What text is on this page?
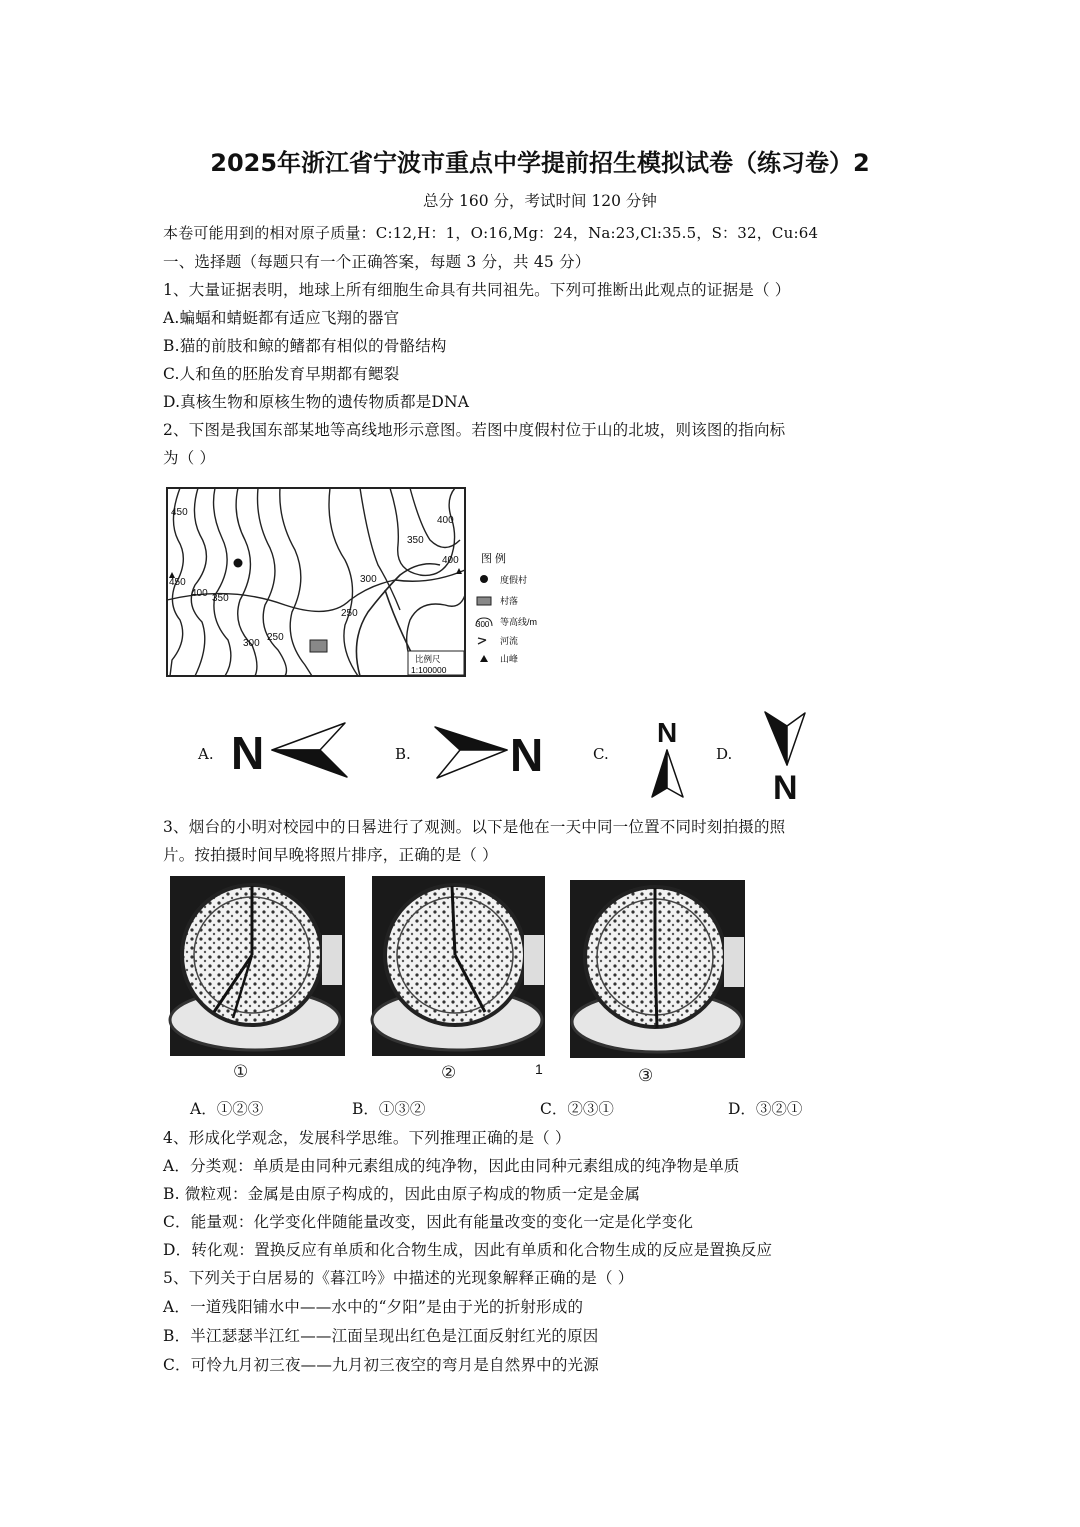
2025年浙江省宁波市重点中学提前招生模拟试卷（练习卷）2
总分 160 分，考试时间 120 分钟
本卷可能用到的相对原子质量：C:12,H：1，O:16,Mg：24，Na:23,Cl:35.5，S：32，Cu:64
一、选择题（每题只有一个正确答案，每题 3 分，共 45 分）
1、大量证据表明，地球上所有细胞生命具有共同祖先。下列可推断出此观点的证据是（ ）
A.蝙蝠和蜻蜓都有适应飞翔的器官
B.猫的前肢和鲸的鳍都有相似的骨骼结构
C.人和鱼的胚胎发育早期都有鳃裂
D.真核生物和原核生物的遗传物质都是DNA
2、下图是我国东部某地等高线地形示意图。若图中度假村位于山的北坡，则该图的指向标
为（ ）
450
400 350
300
250
400
350
300
250
450
400
比例尺
1:100000
图 例
度假村
村落
300 等高线/m
河流
山峰
A.	B.	C.	D.
N	N	N
N
3、烟台的小明对校园中的日晷进行了观测。以下是他在一天中同一位置不同时刻拍摄的照
片。按拍摄时间早晚将照片排序，正确的是（ ）
①	②	③
A．①②③	B．①③②	C．②③①	D．③②①
4、形成化学观念，发展科学思维。下列推理正确的是（ ）
A．分类观：单质是由同种元素组成的纯净物，因此由同种元素组成的纯净物是单质
B. 微粒观：金属是由原子构成的，因此由原子构成的物质一定是金属
C．能量观：化学变化伴随能量改变，因此有能量改变的变化一定是化学变化
D．转化观：置换反应有单质和化合物生成，因此有单质和化合物生成的反应是置换反应
5、下列关于白居易的《暮江吟》中描述的光现象解释正确的是（ ）
A．一道残阳铺水中——水中的“夕阳”是由于光的折射形成的
B．半江瑟瑟半江红——江面呈现出红色是江面反射红光的原因
C．可怜九月初三夜——九月初三夜空的弯月是自然界中的光源
1
